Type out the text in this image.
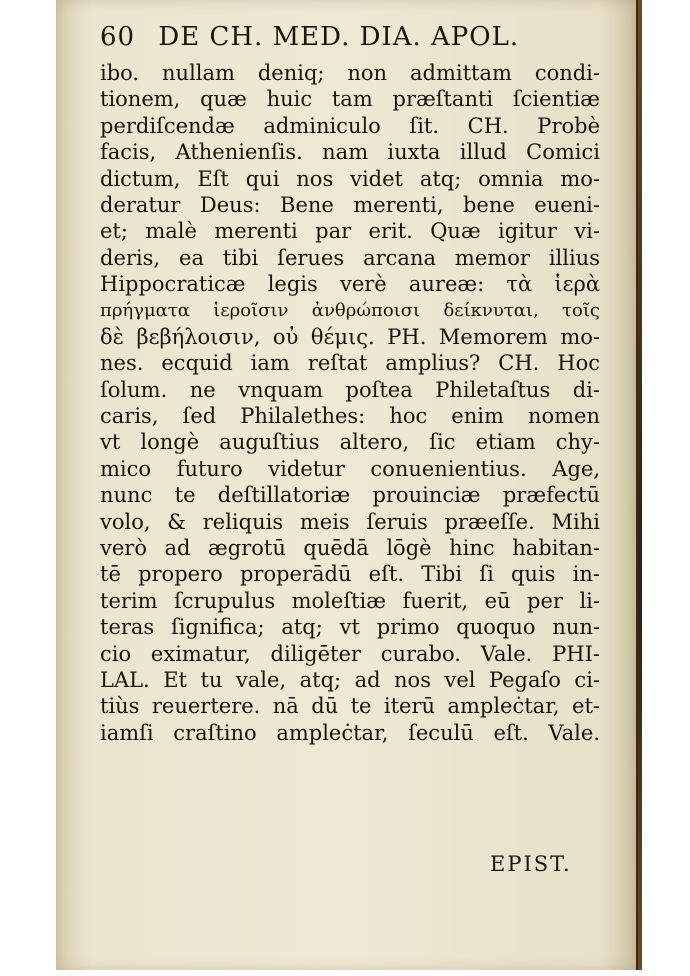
60 DE CH. MED. DIA. APOL.
ibo. nullam deniq; non admittam condi-
tionem, quæ huic tam præſtanti ſcientiæ
perdiſcendæ adminiculo ſit. CH. Probè
facis, Athenienſis. nam iuxta illud Comici
dictum, Eſt qui nos videt atq; omnia mo-
deratur Deus: Bene merenti, bene eueni-
et; malè merenti par erit. Quæ igitur vi-
deris, ea tibi ſerues arcana memor illius
Hippocraticæ legis verè aureæ: τὰ ἱερὰ
πρήγματα ἱεροῖσιν ἀνθρώποισι δείκνυται, τοῖς
δὲ βεβήλοισιν, οὐ θέμις. PH. Memorem mo-
nes. ecquid iam reſtat amplius? CH. Hoc
ſolum. ne vnquam poſtea Philetaſtus di-
caris, ſed Philalethes: hoc enim nomen
vt longè auguſtius altero, ſic etiam chy-
mico futuro videtur conuenientius. Age,
nunc te deſtillatoriæ prouinciæ præfectū
volo, & reliquis meis ſeruis præeſſe. Mihi
verò ad ægrotū quēdā lōgè hinc habitan-
tē propero properādū eſt. Tibi ſi quis in-
terim ſcrupulus moleſtiæ fuerit, eū per li-
teras ſignifica; atq; vt primo quoquo nun-
cio eximatur, diligēter curabo. Vale. PHI-
LAL. Et tu vale, atq; ad nos vel Pegaſo ci-
tiùs reuertere. nā dū te iterū ampleċtar, et-
iamſi craſtino ampleċtar, ſeculū eſt. Vale.
EPIST.
